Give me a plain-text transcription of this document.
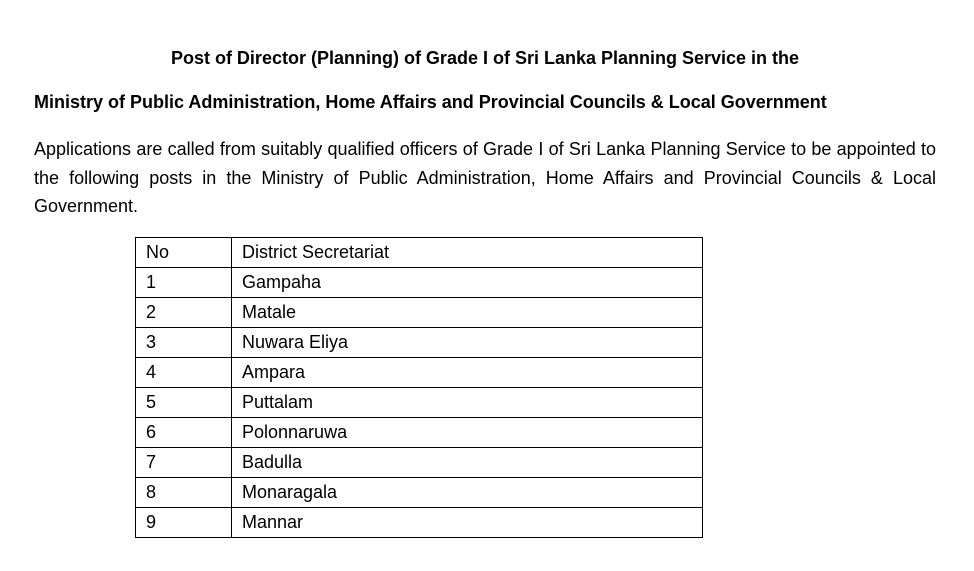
Post of Director (Planning) of Grade I of Sri Lanka Planning Service in the
Ministry of Public Administration, Home Affairs and Provincial Councils & Local Government
Applications are called from suitably qualified officers of Grade I of Sri Lanka Planning Service to be appointed to the following posts in the Ministry of Public Administration, Home Affairs and Provincial Councils & Local Government.
No	District Secretariat
1	Gampaha
2	Matale
3	Nuwara Eliya
4	Ampara
5	Puttalam
6	Polonnaruwa
7	Badulla
8	Monaragala
9	Mannar
